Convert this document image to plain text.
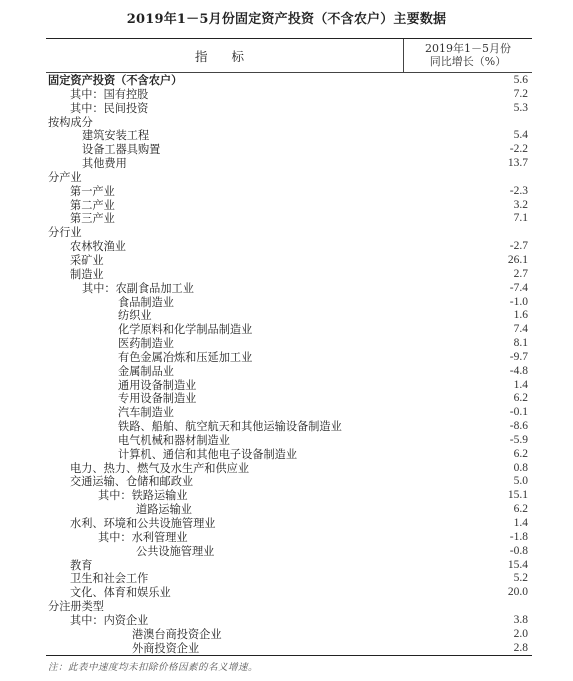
2019年1－5月份固定资产投资（不含农户）主要数据
指 标	2019年1－5月份
同比增长（%）
固定资产投资（不含农户）	5.6
其中：国有控股	7.2
其中：民间投资	5.3
按构成分
建筑安装工程	5.4
设备工器具购置	-2.2
其他费用	13.7
分产业
第一产业	-2.3
第二产业	3.2
第三产业	7.1
分行业
农林牧渔业	-2.7
采矿业	26.1
制造业	2.7
其中：农副食品加工业	-7.4
食品制造业	-1.0
纺织业	1.6
化学原料和化学制品制造业	7.4
医药制造业	8.1
有色金属冶炼和压延加工业	-9.7
金属制品业	-4.8
通用设备制造业	1.4
专用设备制造业	6.2
汽车制造业	-0.1
铁路、船舶、航空航天和其他运输设备制造业	-8.6
电气机械和器材制造业	-5.9
计算机、通信和其他电子设备制造业	6.2
电力、热力、燃气及水生产和供应业	0.8
交通运输、仓储和邮政业	5.0
其中：铁路运输业	15.1
道路运输业	6.2
水利、环境和公共设施管理业	1.4
其中：水利管理业	-1.8
公共设施管理业	-0.8
教育	15.4
卫生和社会工作	5.2
文化、体育和娱乐业	20.0
分注册类型
其中：内资企业	3.8
港澳台商投资企业	2.0
外商投资企业	2.8
注：此表中速度均未扣除价格因素的名义增速。
